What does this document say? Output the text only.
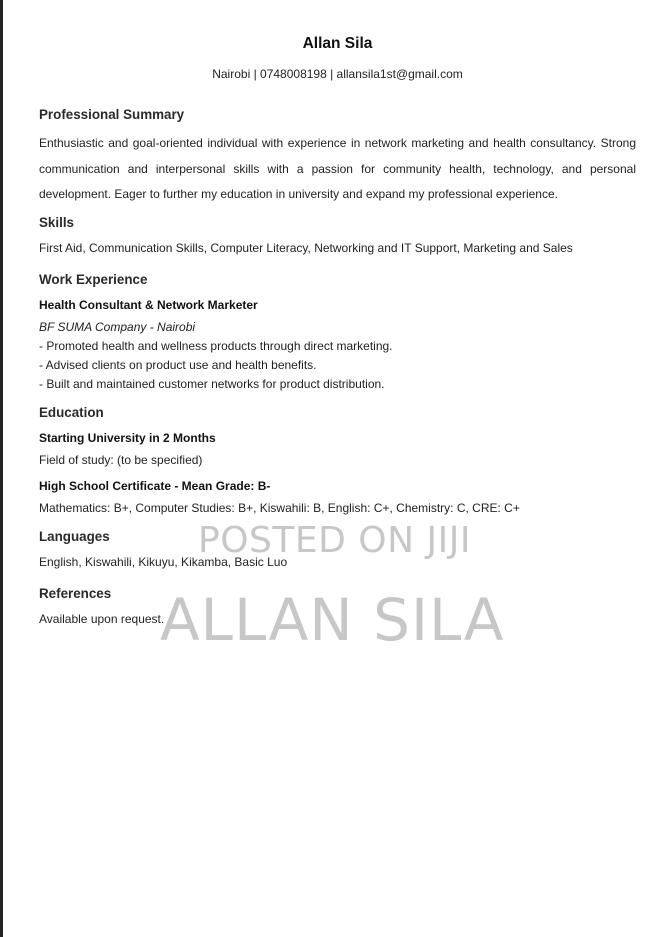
Allan Sila
Nairobi | 0748008198 | allansila1st@gmail.com
Professional Summary
Enthusiastic and goal-oriented individual with experience in network marketing and health consultancy. Strong communication and interpersonal skills with a passion for community health, technology, and personal development. Eager to further my education in university and expand my professional experience.
Skills
First Aid, Communication Skills, Computer Literacy, Networking and IT Support, Marketing and Sales
Work Experience
Health Consultant & Network Marketer
BF SUMA Company - Nairobi
- Promoted health and wellness products through direct marketing.
- Advised clients on product use and health benefits.
- Built and maintained customer networks for product distribution.
Education
Starting University in 2 Months
Field of study: (to be specified)
High School Certificate - Mean Grade: B-
Mathematics: B+, Computer Studies: B+, Kiswahili: B, English: C+, Chemistry: C, CRE: C+
Languages
English, Kiswahili, Kikuyu, Kikamba, Basic Luo
References
Available upon request.
POSTED ON JIJI
ALLAN SILA
